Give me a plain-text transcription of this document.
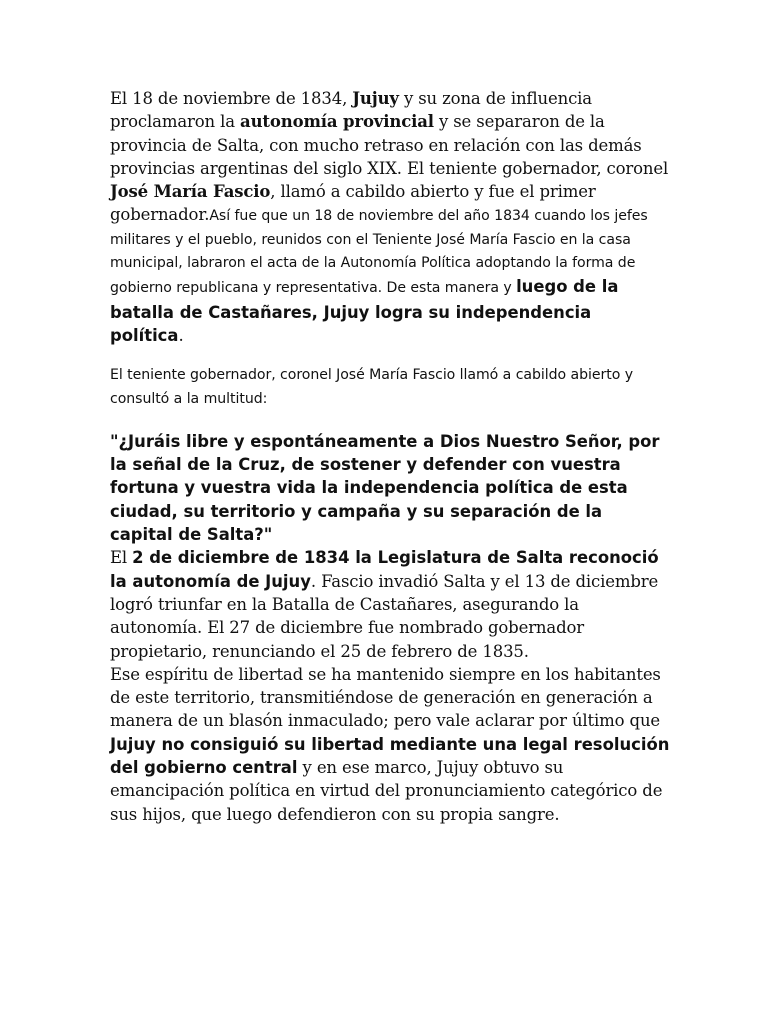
El 18 de noviembre de 1834, Jujuy y su zona de influencia proclamaron la autonomía provincial y se separaron de la provincia de Salta, con mucho retraso en relación con las demás provincias argentinas del siglo XIX. El teniente gobernador, coronel José María Fascio, llamó a cabildo abierto y fue el primer gobernador.Así fue que un 18 de noviembre del año 1834 cuando los jefes militares y el pueblo, reunidos con el Teniente José María Fascio en la casa municipal, labraron el acta de la Autonomía Política adoptando la forma de gobierno republicana y representativa. De esta manera y luego de la batalla de Castañares, Jujuy logra su independencia política.

El teniente gobernador, coronel José María Fascio llamó a cabildo abierto y consultó a la multitud:

"¿Juráis libre y espontáneamente a Dios Nuestro Señor, por la señal de la Cruz, de sostener y defender con vuestra fortuna y vuestra vida la independencia política de esta ciudad, su territorio y campaña y su separación de la capital de Salta?"
El 2 de diciembre de 1834 la Legislatura de Salta reconoció la autonomía de Jujuy. Fascio invadió Salta y el 13 de diciembre logró triunfar en la Batalla de Castañares, asegurando la autonomía. El 27 de diciembre fue nombrado gobernador propietario, renunciando el 25 de febrero de 1835.
Ese espíritu de libertad se ha mantenido siempre en los habitantes de este territorio, transmitiéndose de generación en generación a manera de un blasón inmaculado; pero vale aclarar por último que Jujuy no consiguió su libertad mediante una legal resolución del gobierno central y en ese marco, Jujuy obtuvo su emancipación política en virtud del pronunciamiento categórico de sus hijos, que luego defendieron con su propia sangre.
